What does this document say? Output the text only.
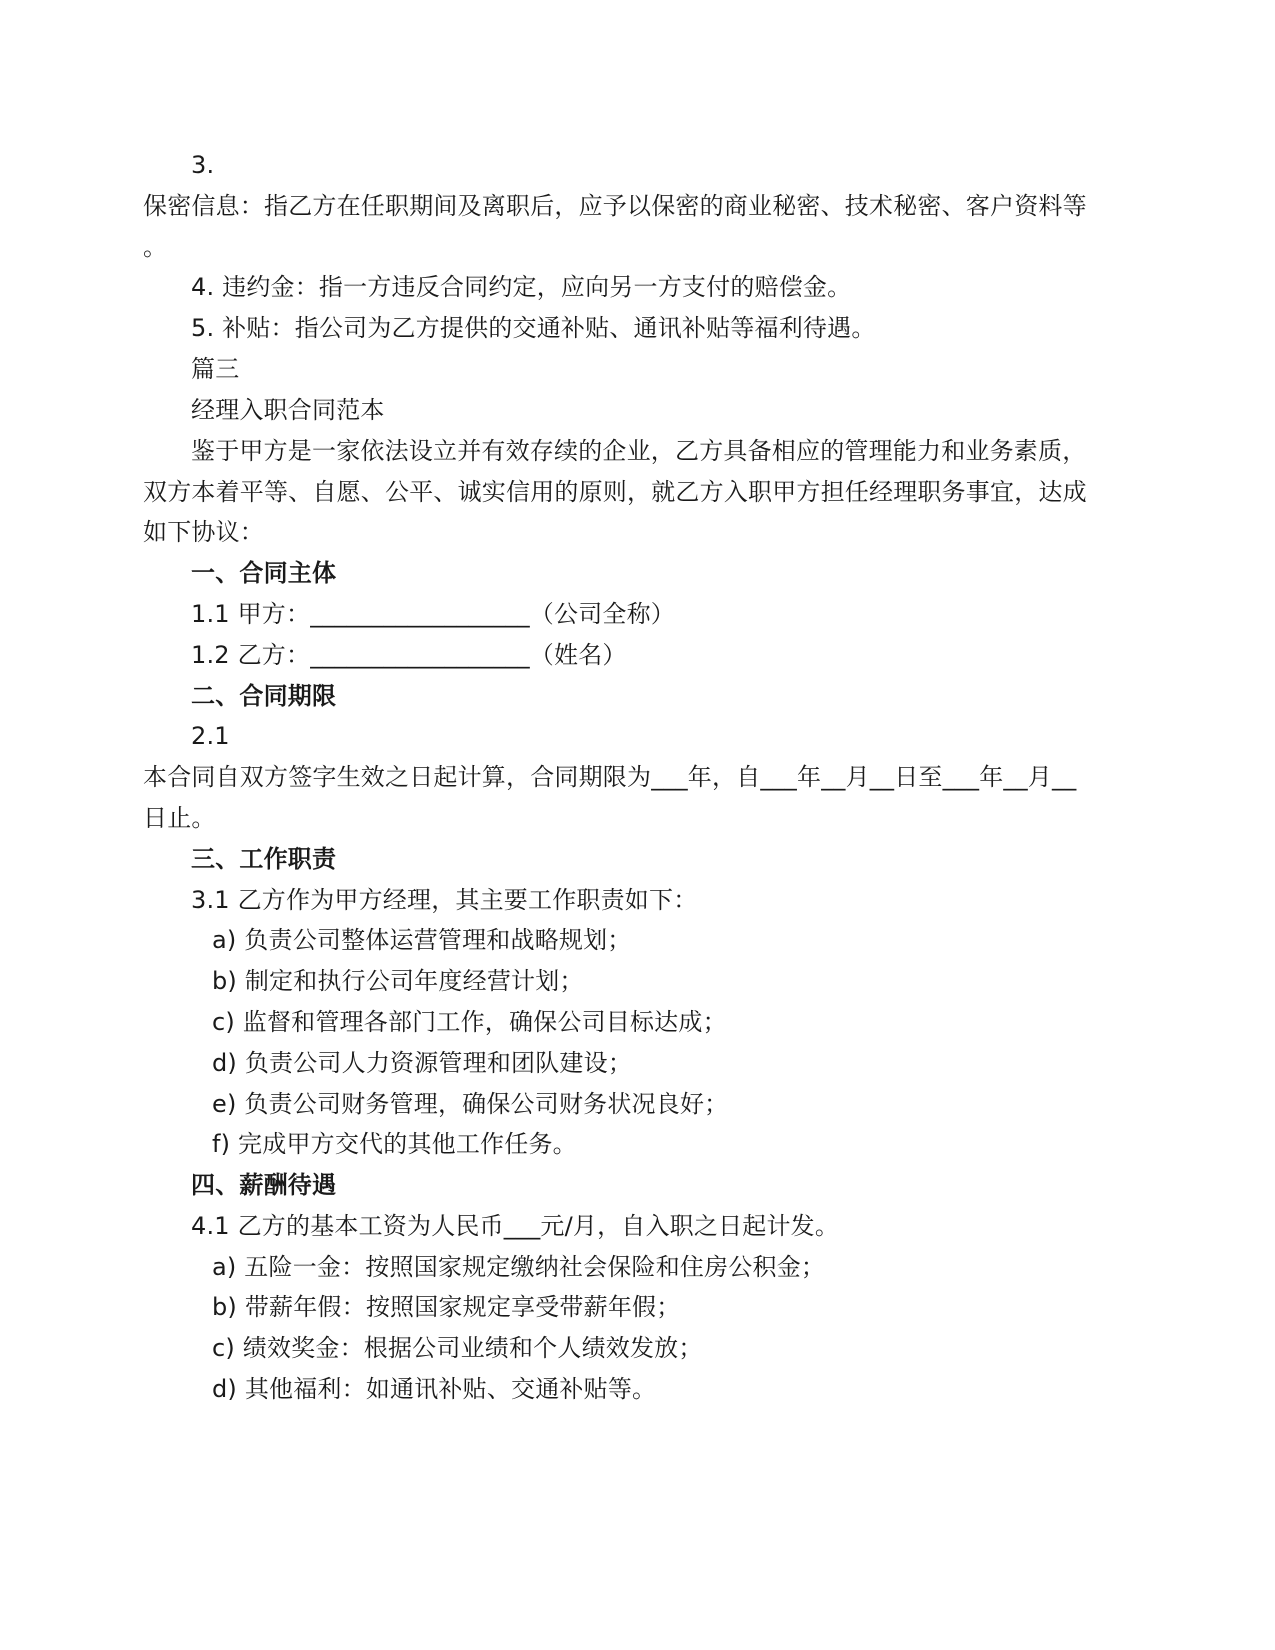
3.
保密信息：指乙方在任职期间及离职后，应予以保密的商业秘密、技术秘密、客户资料等
。
4. 违约金：指一方违反合同约定，应向另一方支付的赔偿金。
5. 补贴：指公司为乙方提供的交通补贴、通讯补贴等福利待遇。
篇三
经理入职合同范本
鉴于甲方是一家依法设立并有效存续的企业，乙方具备相应的管理能力和业务素质，
双方本着平等、自愿、公平、诚实信用的原则，就乙方入职甲方担任经理职务事宜，达成
如下协议：
一、合同主体
1.1 甲方：__________________（公司全称）
1.2 乙方：__________________（姓名）
二、合同期限
2.1
本合同自双方签字生效之日起计算，合同期限为___年，自___年__月__日至___年__月__
日止。
三、工作职责
3.1 乙方作为甲方经理，其主要工作职责如下：
a) 负责公司整体运营管理和战略规划；
b) 制定和执行公司年度经营计划；
c) 监督和管理各部门工作，确保公司目标达成；
d) 负责公司人力资源管理和团队建设；
e) 负责公司财务管理，确保公司财务状况良好；
f) 完成甲方交代的其他工作任务。
四、薪酬待遇
4.1 乙方的基本工资为人民币___元/月，自入职之日起计发。
a) 五险一金：按照国家规定缴纳社会保险和住房公积金；
b) 带薪年假：按照国家规定享受带薪年假；
c) 绩效奖金：根据公司业绩和个人绩效发放；
d) 其他福利：如通讯补贴、交通补贴等。
